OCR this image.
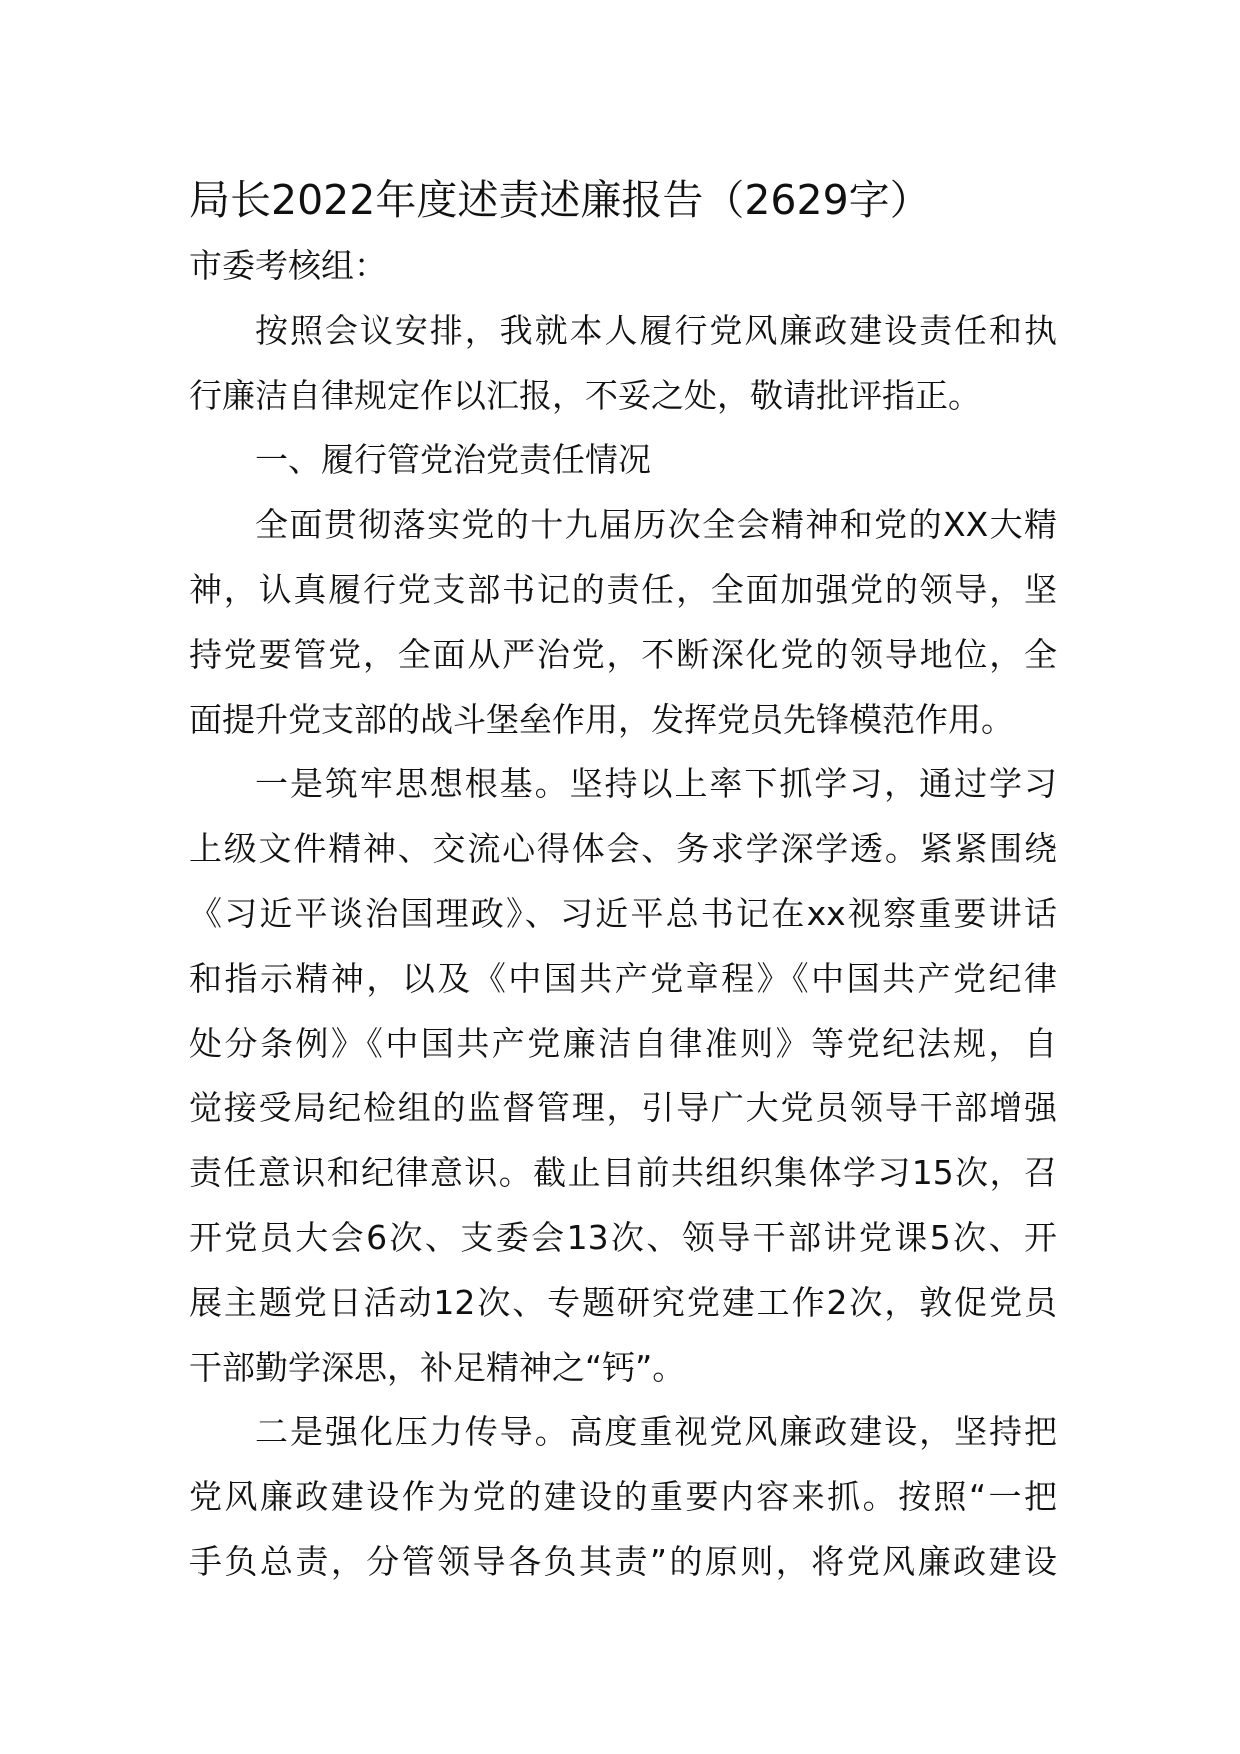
局长2022年度述责述廉报告（2629字）
市委考核组：
按照会议安排，我就本人履行党风廉政建设责任和执
行廉洁自律规定作以汇报，不妥之处，敬请批评指正。
一、履行管党治党责任情况
全面贯彻落实党的十九届历次全会精神和党的XX大精
神，认真履行党支部书记的责任，全面加强党的领导，坚
持党要管党，全面从严治党，不断深化党的领导地位，全
面提升党支部的战斗堡垒作用，发挥党员先锋模范作用。
一是筑牢思想根基。坚持以上率下抓学习，通过学习
上级文件精神、交流心得体会、务求学深学透。紧紧围绕
《习近平谈治国理政》、习近平总书记在xx视察重要讲话
和指示精神，以及《中国共产党章程》《中国共产党纪律
处分条例》《中国共产党廉洁自律准则》等党纪法规，自
觉接受局纪检组的监督管理，引导广大党员领导干部增强
责任意识和纪律意识。截止目前共组织集体学习15次，召
开党员大会6次、支委会13次、领导干部讲党课5次、开
展主题党日活动12次、专题研究党建工作2次，敦促党员
干部勤学深思，补足精神之“钙”。
二是强化压力传导。高度重视党风廉政建设，坚持把
党风廉政建设作为党的建设的重要内容来抓。按照“一把
手负总责，分管领导各负其责”的原则，将党风廉政建设
